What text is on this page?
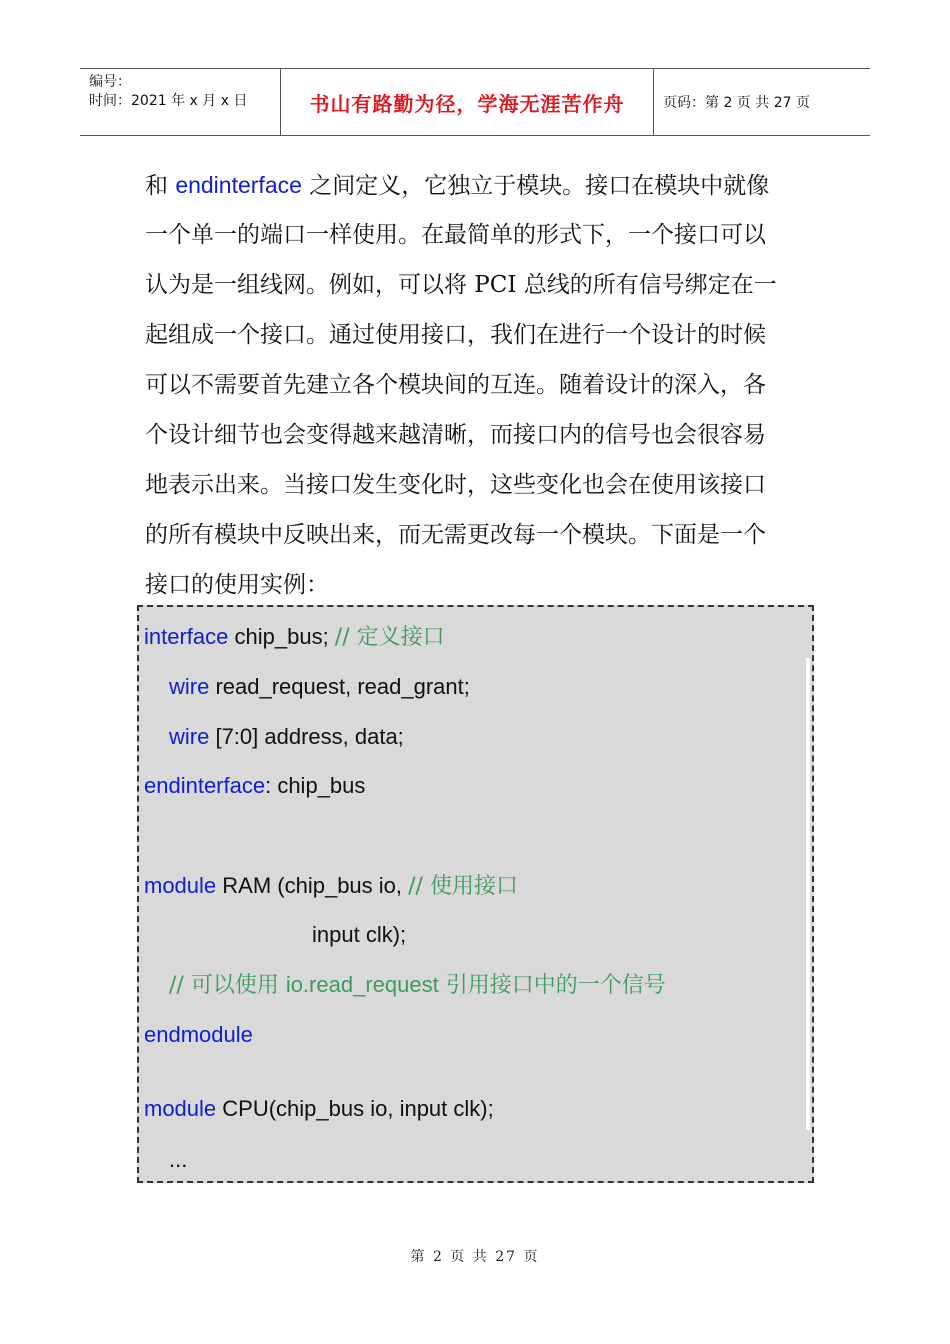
编号：
时间：2021 年 x 月 x 日	书山有路勤为径，学海无涯苦作舟	页码：第 2 页 共 27 页
和 endinterface 之间定义，它独立于模块。接口在模块中就像
一个单一的端口一样使用。在最简单的形式下，一个接口可以
认为是一组线网。例如，可以将 PCI 总线的所有信号绑定在一
起组成一个接口。通过使用接口，我们在进行一个设计的时候
可以不需要首先建立各个模块间的互连。随着设计的深入，各
个设计细节也会变得越来越清晰，而接口内的信号也会很容易
地表示出来。当接口发生变化时，这些变化也会在使用该接口
的所有模块中反映出来，而无需更改每一个模块。下面是一个
接口的使用实例：
interface chip_bus; // 定义接口
wire read_request, read_grant;
wire [7:0] address, data;
endinterface: chip_bus
module RAM (chip_bus io, // 使用接口
input clk);
// 可以使用 io.read_request 引用接口中的一个信号
endmodule
module CPU(chip_bus io, input clk);
...
第 2 页 共 27 页
